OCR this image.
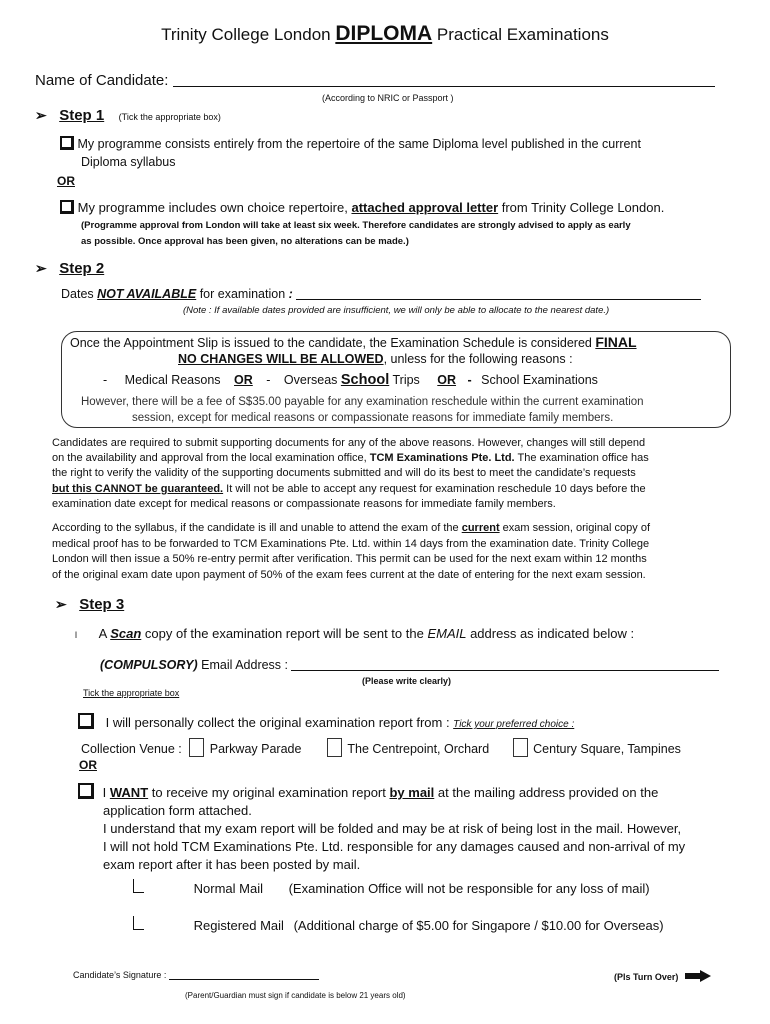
Trinity College London DIPLOMA Practical Examinations
Name of Candidate:
(According to NRIC or Passport )
➢ Step 1 (Tick the appropriate box)
My programme consists entirely from the repertoire of the same Diploma level published in the current
Diploma syllabus
OR
My programme includes own choice repertoire, attached approval letter from Trinity College London.
(Programme approval from London will take at least six week. Therefore candidates are strongly advised to apply as early
as possible. Once approval has been given, no alterations can be made.)
➢ Step 2
Dates NOT AVAILABLE for examination :
(Note : If available dates provided are insufficient, we will only be able to allocate to the nearest date.)
Once the Appointment Slip is issued to the candidate, the Examination Schedule is considered FINAL
NO CHANGES WILL BE ALLOWED, unless for the following reasons :
- Medical Reasons OR - Overseas School Trips OR - School Examinations
However, there will be a fee of S$35.00 payable for any examination reschedule within the current examination
session, except for medical reasons or compassionate reasons for immediate family members.
Candidates are required to submit supporting documents for any of the above reasons. However, changes will still depend
on the availability and approval from the local examination office, TCM Examinations Pte. Ltd. The examination office has
the right to verify the validity of the supporting documents submitted and will do its best to meet the candidate’s requests
but this CANNOT be guaranteed. It will not be able to accept any request for examination reschedule 10 days before the
examination date except for medical reasons or compassionate reasons for immediate family members.
According to the syllabus, if the candidate is ill and unable to attend the exam of the current exam session, original copy of
medical proof has to be forwarded to TCM Examinations Pte. Ltd. within 14 days from the examination date. Trinity College
London will then issue a 50% re-entry permit after verification. This permit can be used for the next exam within 12 months
of the original exam date upon payment of 50% of the exam fees current at the date of entering for the next exam session.
➢ Step 3
l A Scan copy of the examination report will be sent to the EMAIL address as indicated below :
(COMPULSORY) Email Address :
(Please write clearly)
Tick the appropriate box
I will personally collect the original examination report from : Tick your preferred choice :
Collection Venue : Parkway Parade	The Centrepoint, Orchard	Century Square, Tampines
OR
I WANT to receive my original examination report by mail at the mailing address provided on the
application form attached.
I understand that my exam report will be folded and may be at risk of being lost in the mail. However,
I will not hold TCM Examinations Pte. Ltd. responsible for any damages caused and non-arrival of my
exam report after it has been posted by mail.
Normal Mail (Examination Office will not be responsible for any loss of mail)
Registered Mail (Additional charge of $5.00 for Singapore / $10.00 for Overseas)
Candidate’s Signature :	(Pls Turn Over)
(Parent/Guardian must sign if candidate is below 21 years old)
